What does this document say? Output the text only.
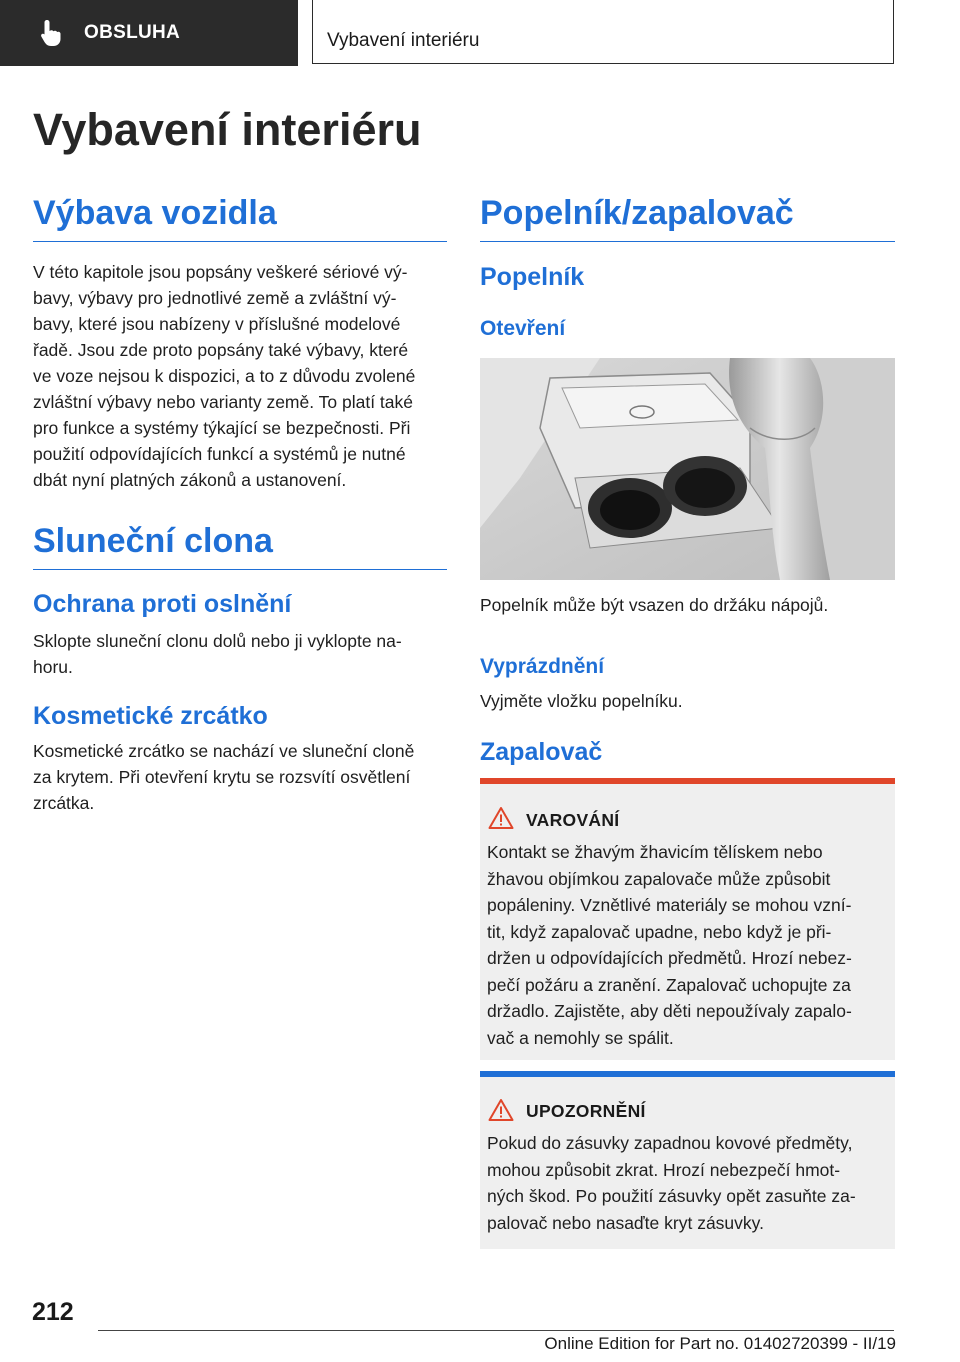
OBSLUHA	Vybavení interiéru
Vybavení interiéru
Výbava vozidla
V této kapitole jsou popsány veškeré sériové vý‐
bavy, výbavy pro jednotlivé země a zvláštní vý‐
bavy, které jsou nabízeny v příslušné modelové
řadě. Jsou zde proto popsány také výbavy, které
ve voze nejsou k dispozici, a to z důvodu zvolené
zvláštní výbavy nebo varianty země. To platí také
pro funkce a systémy týkající se bezpečnosti. Při
použití odpovídajících funkcí a systémů je nutné
dbát nyní platných zákonů a ustanovení.
Sluneční clona
Ochrana proti oslnění
Sklopte sluneční clonu dolů nebo ji vyklopte na‐
horu.
Kosmetické zrcátko
Kosmetické zrcátko se nachází ve sluneční cloně
za krytem. Při otevření krytu se rozsvítí osvětlení
zrcátka.
Popelník/zapalovač
Popelník
Otevření

Popelník může být vsazen do držáku nápojů.

Vyprázdnění

Vyjměte vložku popelníku.

Zapalovač
VAROVÁNÍ
Kontakt se žhavým žhavicím tělískem nebo
žhavou objímkou zapalovače může způsobit
popáleniny. Vznětlivé materiály se mohou vzní‐
tit, když zapalovač upadne, nebo když je při‐
držen u odpovídajících předmětů. Hrozí nebez‐
pečí požáru a zranění. Zapalovač uchopujte za
držadlo. Zajistěte, aby děti nepoužívaly zapalo‐
vač a nemohly se spálit.
UPOZORNĚNÍ
Pokud do zásuvky zapadnou kovové předměty,
mohou způsobit zkrat. Hrozí nebezpečí hmot‐
ných škod. Po použití zásuvky opět zasuňte za‐
palovač nebo nasaďte kryt zásuvky.
212
Online Edition for Part no. 01402720399 - II/19
